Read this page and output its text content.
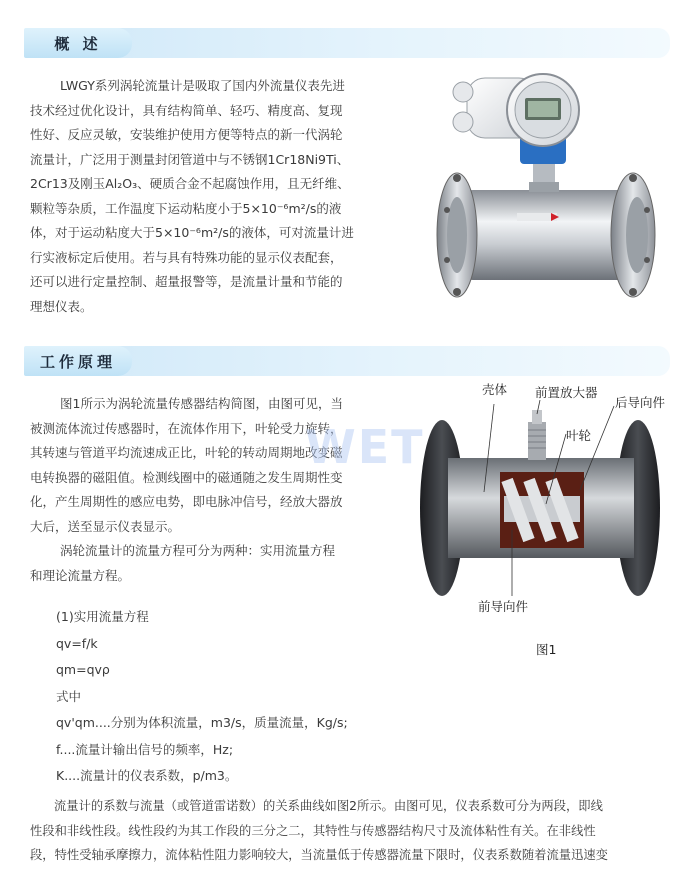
概 述
LWGY系列涡轮流量计是吸取了国内外流量仪表先进
技术经过优化设计，具有结构简单、轻巧、精度高、复现
性好、反应灵敏，安装维护使用方便等特点的新一代涡轮
流量计，广泛用于测量封闭管道中与不锈钢1Cr18Ni9Ti、
2Cr13及刚玉Al₂O₃、硬质合金不起腐蚀作用，且无纤维、
颗粒等杂质，工作温度下运动粘度小于5×10⁻⁶m²/s的液
体，对于运动粘度大于5×10⁻⁶m²/s的液体，可对流量计进
行实液标定后使用。若与具有特殊功能的显示仪表配套，
还可以进行定量控制、超量报警等，是流量计量和节能的
理想仪表。
工作原理
图1所示为涡轮流量传感器结构简图，由图可见，当
被测流体流过传感器时，在流体作用下，叶轮受力旋转，
其转速与管道平均流速成正比，叶轮的转动周期地改变磁
电转换器的磁阻值。检测线圈中的磁通随之发生周期性变
化，产生周期性的感应电势，即电脉冲信号，经放大器放
大后，送至显示仪表显示。
涡轮流量计的流量方程可分为两种：实用流量方程
和理论流量方程。
(1)实用流量方程
qv=f/k
qm=qvρ
式中
qv'qm....分别为体积流量，m3/s，质量流量，Kg/s;
f....流量计输出信号的频率，Hz;
K....流量计的仪表系数，p/m3。
流量计的系数与流量（或管道雷诺数）的关系曲线如图2所示。由图可见，仪表系数可分为两段，即线
性段和非线性段。线性段约为其工作段的三分之二，其特性与传感器结构尺寸及流体粘性有关。在非线性
段，特性受轴承摩擦力，流体粘性阻力影响较大，当流量低于传感器流量下限时，仪表系数随着流量迅速变
WET
壳体 前置放大器
后导向件
叶轮
前导向件
图1
